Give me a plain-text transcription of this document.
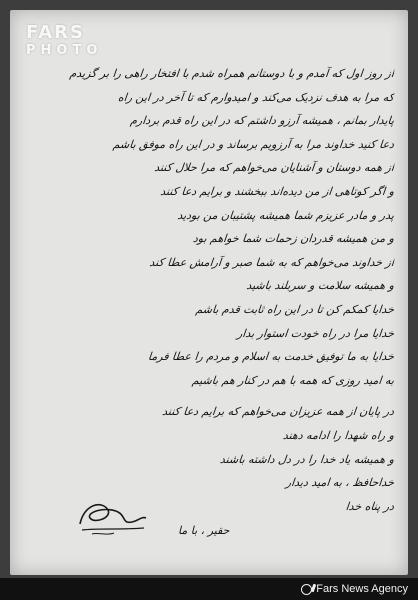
FARS
PHOTO
از روز اول که آمدم و با دوستانم همراه شدم با افتخار راهی را بر گزیدم
که مرا به هدف نزدیک می‌کند و امیدوارم که تا آخر در این راه
پایدار بمانم ، همیشه آرزو داشتم که در این راه قدم بردارم
دعا کنید خداوند مرا به آرزویم برساند و در این راه موفق باشم
از همه دوستان و آشنایان می‌خواهم که مرا حلال کنند
و اگر کوتاهی از من دیده‌اند ببخشند و برایم دعا کنند
پدر و مادر عزیزم شما همیشه پشتیبان من بودید
و من همیشه قدردان زحمات شما خواهم بود
از خداوند می‌خواهم که به شما صبر و آرامش عطا کند
و همیشه سلامت و سربلند باشید
خدایا کمکم کن تا در این راه ثابت قدم باشم
خدایا مرا در راه خودت استوار بدار
خدایا به ما توفیق خدمت به اسلام و مردم را عطا فرما
به امید روزی که همه با هم در کنار هم باشیم
در پایان از همه عزیزان می‌خواهم که برایم دعا کنند
و راه شهدا را ادامه دهند
و همیشه یاد خدا را در دل داشته باشند
خداحافظ ، به امید دیدار
در پناه خدا
حقیر ، با ما
Fars News Agency
